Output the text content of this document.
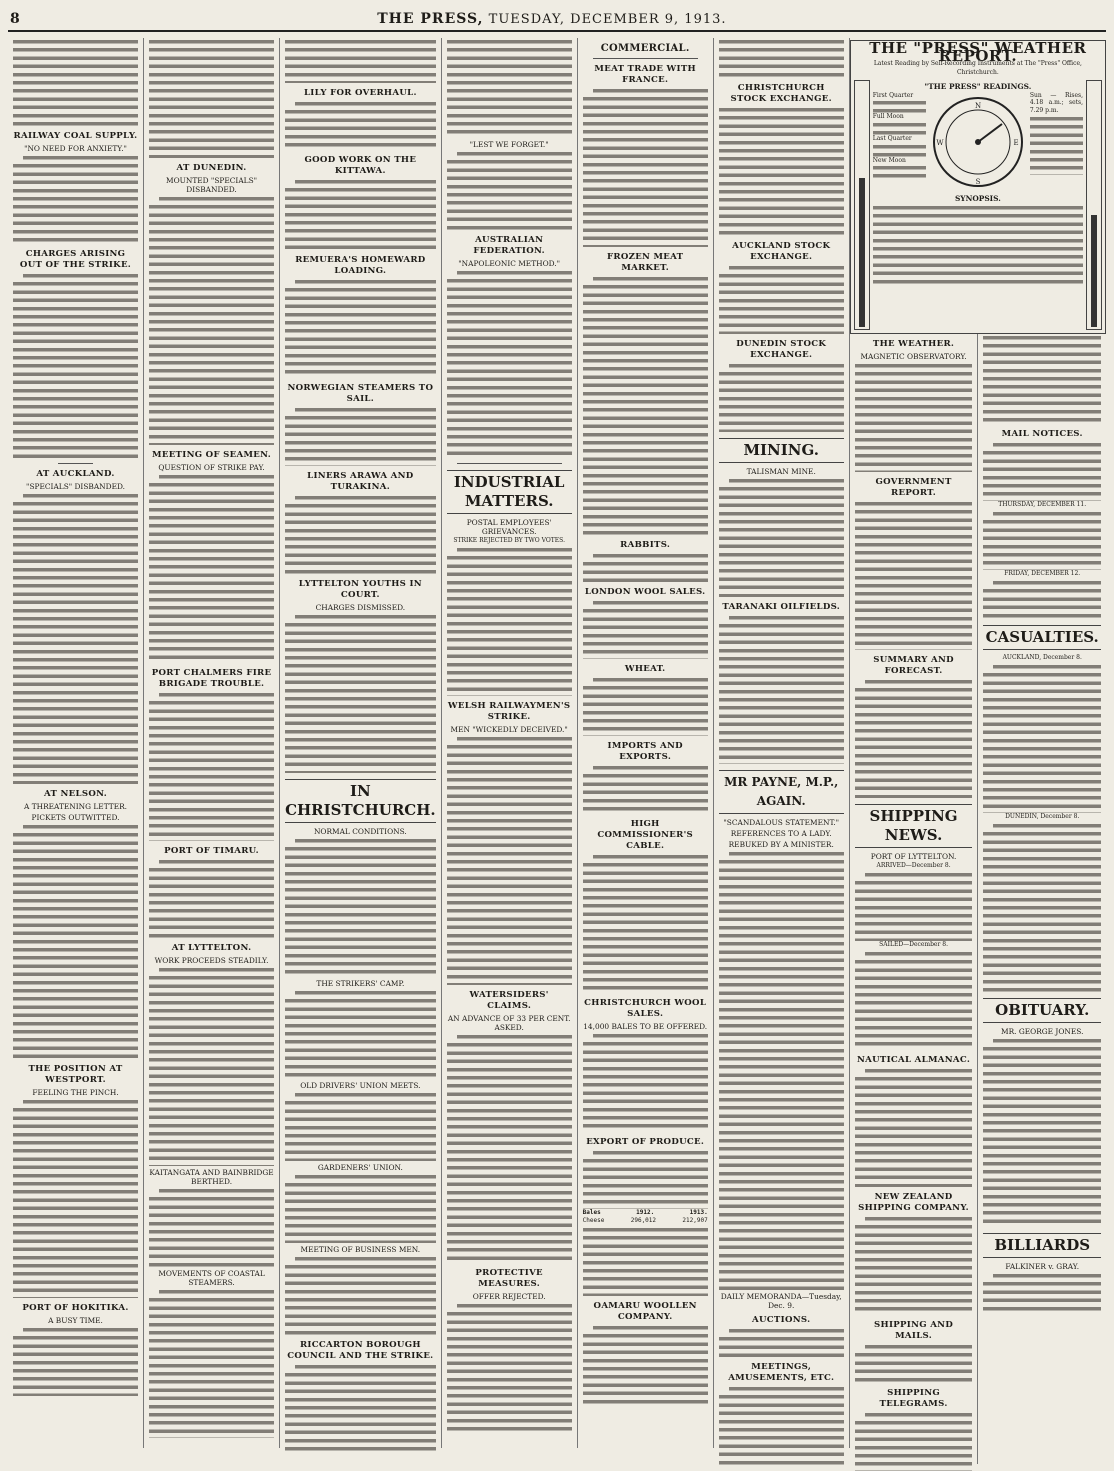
8	THE PRESS, TUESDAY, DECEMBER 9, 1913.
RAILWAY COAL SUPPLY.
"NO NEED FOR ANXIETY."
CHARGES ARISING OUT OF THE STRIKE.
AT AUCKLAND.
"SPECIALS" DISBANDED.
AT NELSON.
A THREATENING LETTER.
PICKETS OUTWITTED.
THE POSITION AT WESTPORT.
FEELING THE PINCH.
PORT OF HOKITIKA.
A BUSY TIME.
AT DUNEDIN.
MOUNTED "SPECIALS" DISBANDED.
MEETING OF SEAMEN.
QUESTION OF STRIKE PAY.
PORT CHALMERS FIRE BRIGADE TROUBLE.
PORT OF TIMARU.
AT LYTTELTON.
WORK PROCEEDS STEADILY.
KAITANGATA AND BAINBRIDGE BERTHED.
MOVEMENTS OF COASTAL STEAMERS.
LILY FOR OVERHAUL.
GOOD WORK ON THE KITTAWA.
REMUERA'S HOMEWARD LOADING.
NORWEGIAN STEAMERS TO SAIL.
LINERS ARAWA AND TURAKINA.
LYTTELTON YOUTHS IN COURT.
CHARGES DISMISSED.
IN CHRISTCHURCH.
NORMAL CONDITIONS.
THE STRIKERS' CAMP.
OLD DRIVERS' UNION MEETS.
GARDENERS' UNION.
MEETING OF BUSINESS MEN.
RICCARTON BOROUGH COUNCIL AND THE STRIKE.
"LEST WE FORGET."
AUSTRALIAN FEDERATION.
"NAPOLEONIC METHOD."
INDUSTRIAL MATTERS.
POSTAL EMPLOYEES' GRIEVANCES.
STRIKE REJECTED BY TWO VOTES.
WELSH RAILWAYMEN'S STRIKE.
MEN "WICKEDLY DECEIVED."
WATERSIDERS' CLAIMS.
AN ADVANCE OF 33 PER CENT. ASKED.
PROTECTIVE MEASURES.
OFFER REJECTED.
COMMERCIAL.
MEAT TRADE WITH FRANCE.
FROZEN MEAT MARKET.
RABBITS.
LONDON WOOL SALES.
WHEAT.
IMPORTS AND EXPORTS.
HIGH COMMISSIONER'S CABLE.
CHRISTCHURCH WOOL SALES.
14,000 BALES TO BE OFFERED.
EXPORT OF PRODUCE.
Bales	1912.	1913.
Cheese	296,012	212,907
OAMARU WOOLLEN COMPANY.
CHRISTCHURCH STOCK EXCHANGE.
AUCKLAND STOCK EXCHANGE.
DUNEDIN STOCK EXCHANGE.
MINING.
TALISMAN MINE.
TARANAKI OILFIELDS.
MR PAYNE, M.P., AGAIN.
"SCANDALOUS STATEMENT."
REFERENCES TO A LADY.
REBUKED BY A MINISTER.
DAILY MEMORANDA—Tuesday, Dec. 9.
AUCTIONS.
MEETINGS, AMUSEMENTS, ETC.
THE "PRESS" WEATHER REPORT.
Latest Reading by Self-Recording Instruments at The "Press" Office, Christchurch.
"THE PRESS" READINGS.
First Quarter
Full Moon
Last Quarter
New Moon
N
E
S
W
Sun — Rises, 4.18 a.m.; sets, 7.29 p.m.
SYNOPSIS.
THE WEATHER.
MAGNETIC OBSERVATORY.
GOVERNMENT REPORT.
SUMMARY AND FORECAST.
SHIPPING NEWS.
PORT OF LYTTELTON.
ARRIVED—December 8.
SAILED—December 8.
NAUTICAL ALMANAC.
NEW ZEALAND SHIPPING COMPANY.
SHIPPING AND MAILS.
SHIPPING TELEGRAMS.
MAIL NOTICES.
THURSDAY, DECEMBER 11.
FRIDAY, DECEMBER 12.
CASUALTIES.
AUCKLAND, December 8.
DUNEDIN, December 8.
OBITUARY.
MR. GEORGE JONES.
BILLIARDS
FALKINER v. GRAY.
